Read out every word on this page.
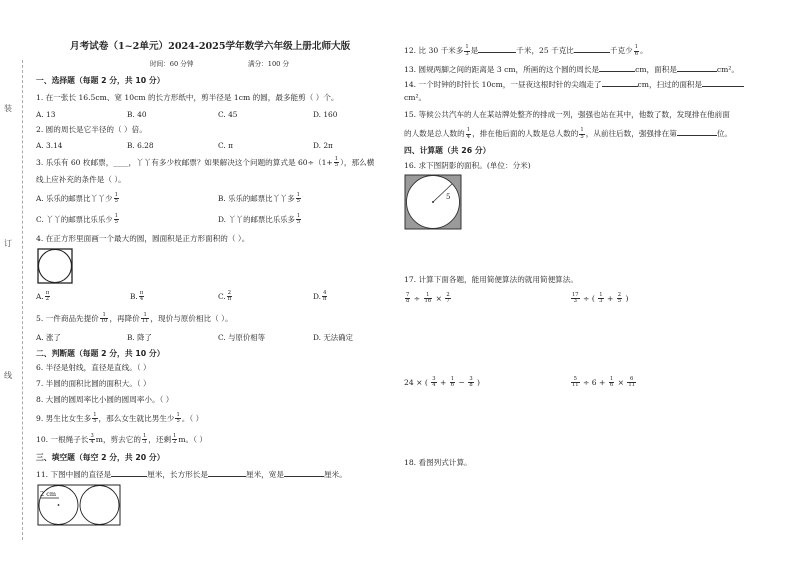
装
订
线
月考试卷（1~2单元）2024-2025学年数学六年级上册北师大版
时间：60 分钟	满分：100 分
一、选择题（每题 2 分，共 10 分）
1. 在一张长 16.5cm、宽 10cm 的长方形纸中，剪半径是 1cm 的圆，最多能剪（ ）个。
A. 13	B. 40	C. 45	D. 160
2. 圆的周长是它半径的（ ）倍。
A. 3.14	B. 6.28	C. π	D. 2π
3. 乐乐有 60 枚邮票，____，丫丫有多少枚邮票？如果解决这个问题的算式是 $60\div(1+ \frac{1}{5}$ ），那么横
线上应补充的条件是（ ）。
A. 乐乐的邮票比丫丫少 $\frac{1}{5}$	B. 乐乐的邮票比丫丫多 $\frac{1}{5}$
C. 丫丫的邮票比乐乐少 $\frac{1}{5}$	D. 丫丫的邮票比乐乐多 $\frac{1}{5}$
4. 在正方形里面画一个最大的圆，圆面积是正方形面积的（ ）。
A. $\frac{\pi}{2}$	B. $\frac{\pi}{4}$	C. $\frac{2}{\pi}$	D. $\frac{4}{\pi}$
5. 一件商品先提价 $\frac{1}{10}$ ，再降价 $\frac{1}{11}$ ，现价与原价相比（ ）。
A. 涨了	B. 降了	C. 与原价相等	D. 无法确定
二、判断题（每题 2 分，共 10 分）
6. 半径是射线，直径是直线。（ ）
7. 半圆的面积比圆的面积大。（ ）
8. 大圆的圆周率比小圆的圆周率小。（ ）
9. 男生比女生多 $\frac{1}{5}$ ，那么女生就比男生少 $\frac{1}{5}$ 。（ ）
10. 一根绳子长 $\frac{3}{4}$ m，剪去它的 $\frac{1}{3}$ ，还剩 $\frac{1}{2}$ m。（ ）
三、填空题（每空 2 分，共 20 分）
11. 下图中圆的直径是	厘米，长方形长是	厘米，宽是	厘米。
2 cm
12. 比 30 千米多 $\frac{1}{3}$ 是	千米，25 千克比	千克少 $\frac{1}{6}$ 。
13. 圆规两脚之间的距离是 3 cm，所画的这个圆的周长是	cm，面积是	cm²。
14. 一个时钟的时针长 10cm，一昼夜这根时针的尖端走了	cm，扫过的面积是
cm²。
15. 等候公共汽车的人在某站牌处整齐的排成一列，强强也站在其中，他数了数，发现排在他前面
的人数是总人数的 $\frac{1}{4}$ ，排在他后面的人数是总人数的 $\frac{1}{5}$ ，从前往后数，强强排在第	位。
四、计算题（共 26 分）
16. 求下图阴影的面积。(单位：分米)
5
17. 计算下面各题，能用简便算法的就用简便算法。
$\frac{7}{8} \div \frac{1}{16} \times \frac{2}{7}$	$\frac{17}{3}$ ÷ ( $\frac{1}{3} + \frac{2}{5}$ )
24 × ( $\frac{3}{4} + \frac{1}{6} - \frac{3}{8}$ )	$\frac{5}{11} \div 6 + \frac{1}{6} \times \frac{6}{11}$
18. 看图列式计算。
